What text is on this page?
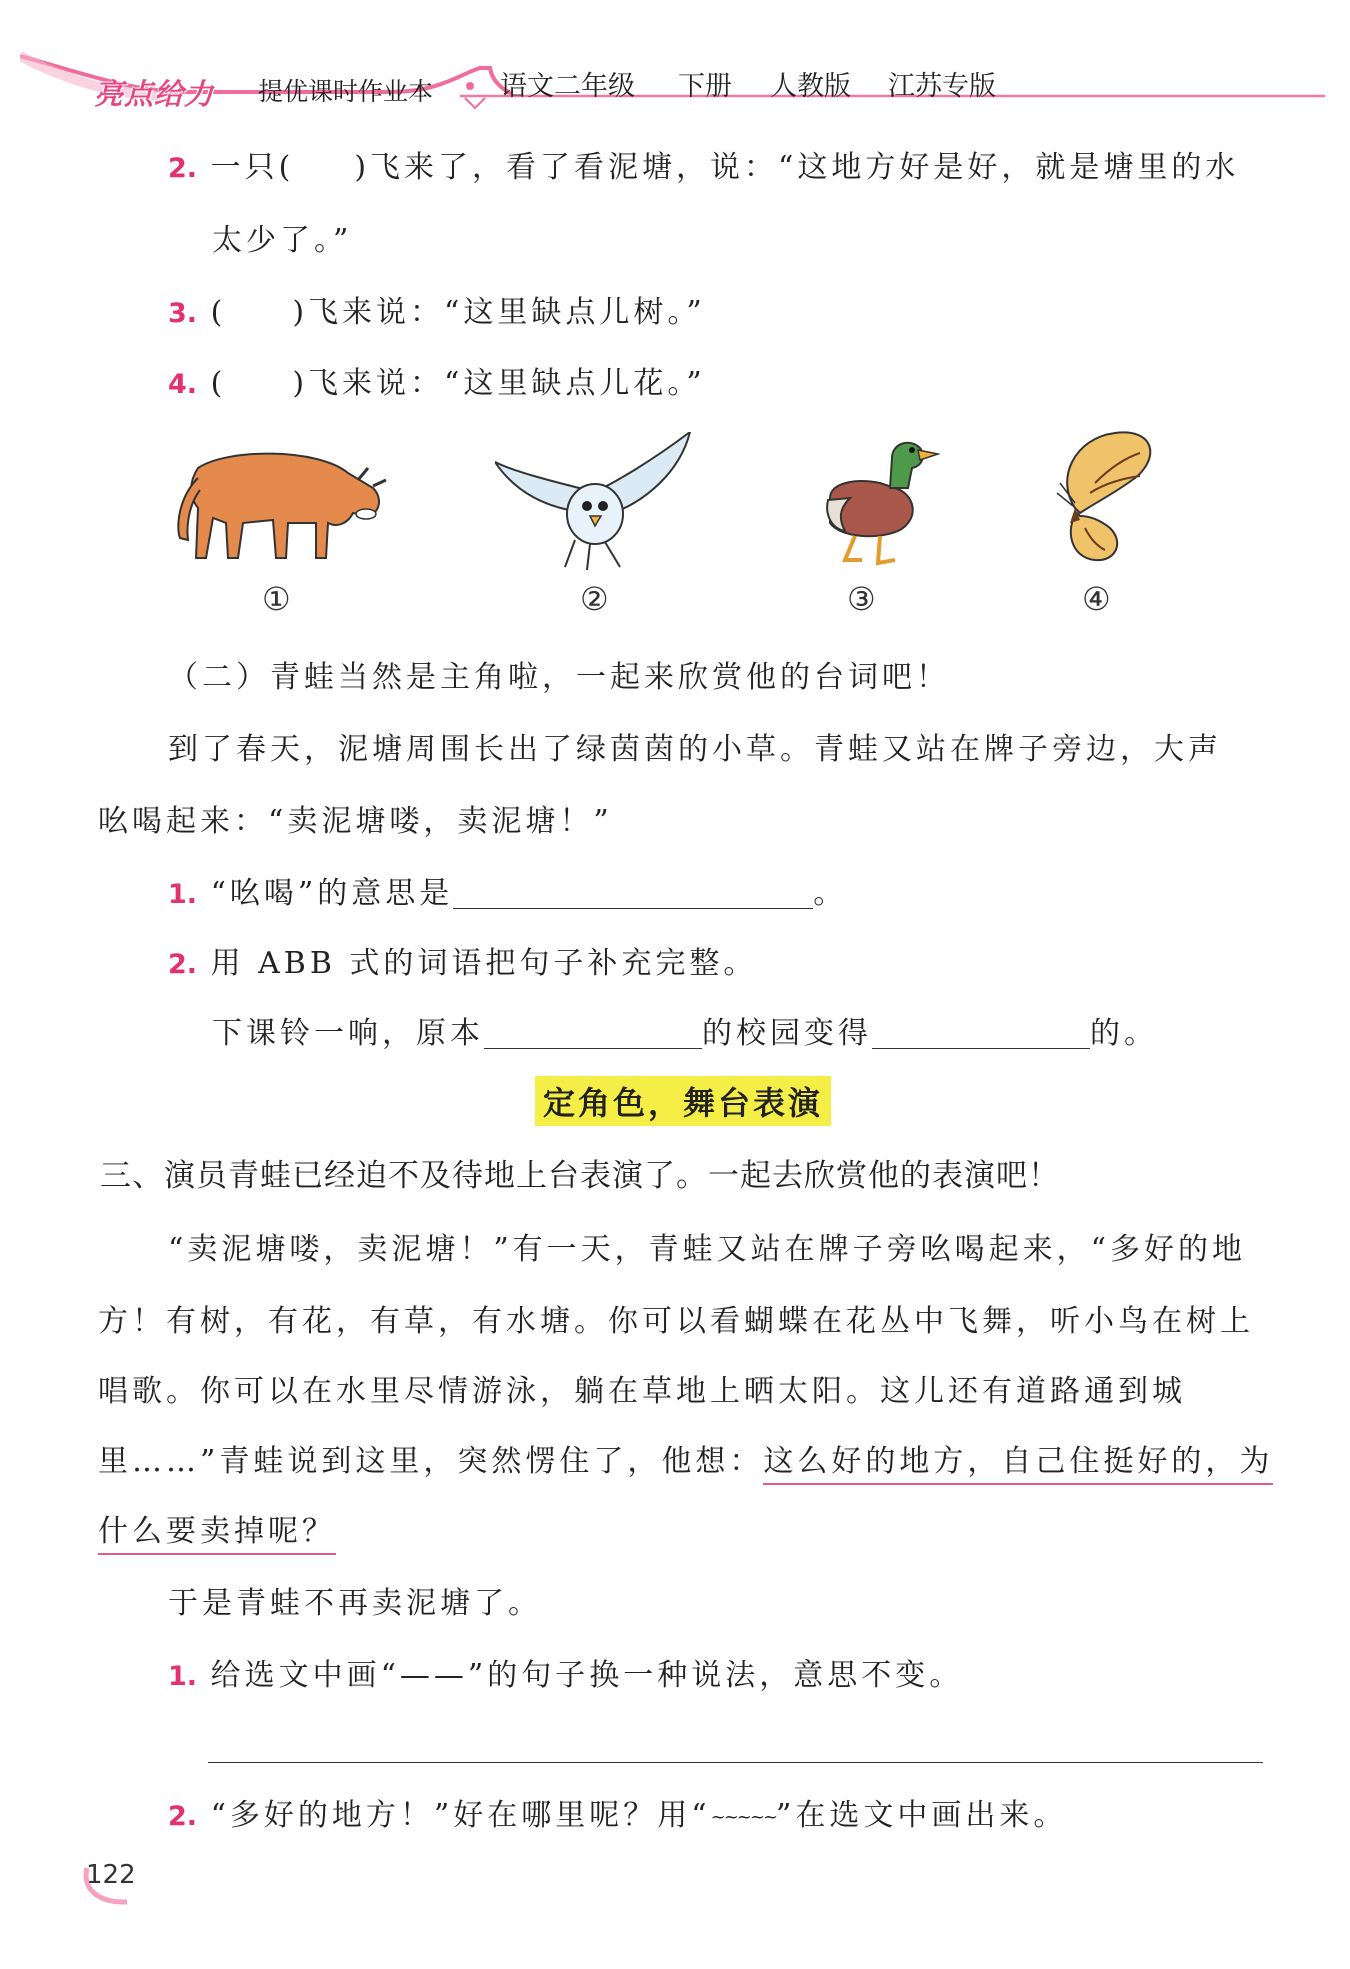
亮点给力 提优课时作业本 语文二年级 下册 人教版 江苏专版
2. 一只( )飞来了，看了看泥塘，说：“这地方好是好，就是塘里的水
太少了。”
3. ( )飞来说：“这里缺点儿树。”
4. ( )飞来说：“这里缺点儿花。”
①	②	③	④
（二）青蛙当然是主角啦，一起来欣赏他的台词吧！
到了春天，泥塘周围长出了绿茵茵的小草。青蛙又站在牌子旁边，大声
吆喝起来：“卖泥塘喽，卖泥塘！”
1. “吆喝”的意思是	。
2. 用 ABB 式的词语把句子补充完整。
下课铃一响，原本	的校园变得	的。
定角色，舞台表演
三、演员青蛙已经迫不及待地上台表演了。一起去欣赏他的表演吧！
“卖泥塘喽，卖泥塘！”有一天，青蛙又站在牌子旁吆喝起来，“多好的地
方！有树，有花，有草，有水塘。你可以看蝴蝶在花丛中飞舞，听小鸟在树上
唱歌。你可以在水里尽情游泳，躺在草地上晒太阳。这儿还有道路通到城
里……”青蛙说到这里，突然愣住了，他想：这么好的地方，自己住挺好的，为
什么要卖掉呢？
于是青蛙不再卖泥塘了。
1. 给选文中画“——”的句子换一种说法，意思不变。
2. “多好的地方！”好在哪里呢？用“~~~~~”在选文中画出来。
122
